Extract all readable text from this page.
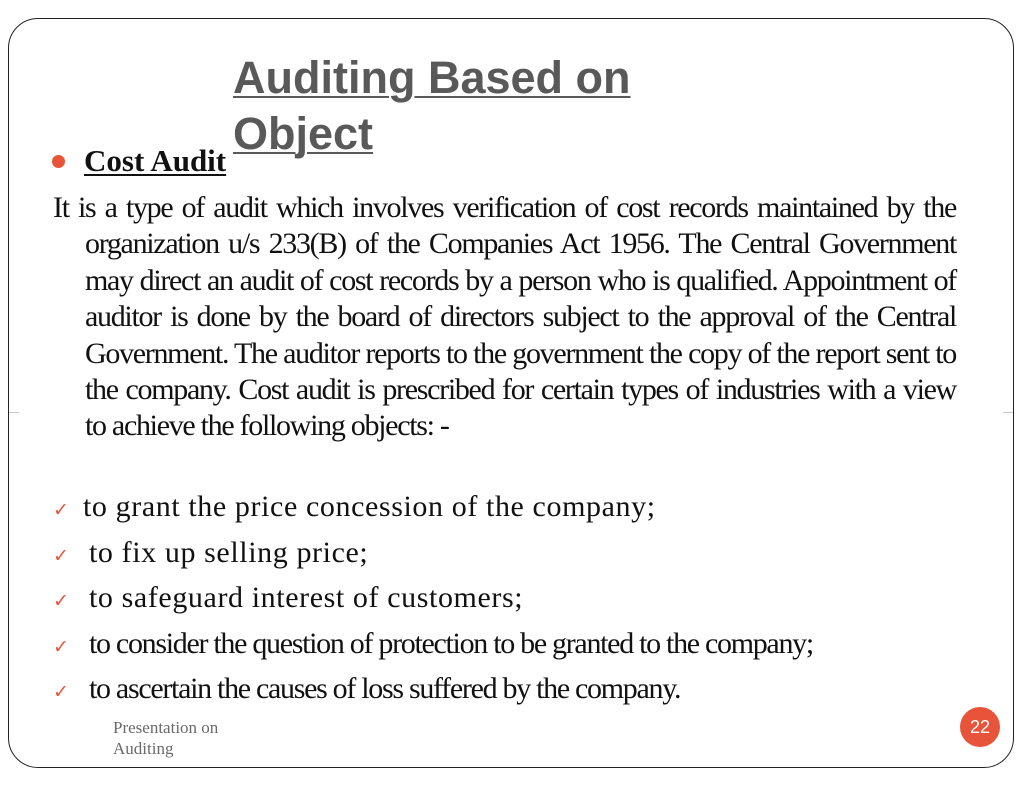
Auditing Based on Object
Cost Audit

It is a type of audit which involves verification of cost records maintained by the organization u/s 233(B) of the Companies Act 1956. The Central Government may direct an audit of cost records by a person who is qualified. Appointment of auditor is done by the board of directors subject to the approval of the Central Government. The auditor reports to the government the copy of the report sent to the company. Cost audit is prescribed for certain types of industries with a view to achieve the following objects: -

✓ to grant the price concession of the company;
✓ to fix up selling price;
✓ to safeguard interest of customers;
✓ to consider the question of protection to be granted to the company;
✓ to ascertain the causes of loss suffered by the company.

Presentation on Auditing

22
